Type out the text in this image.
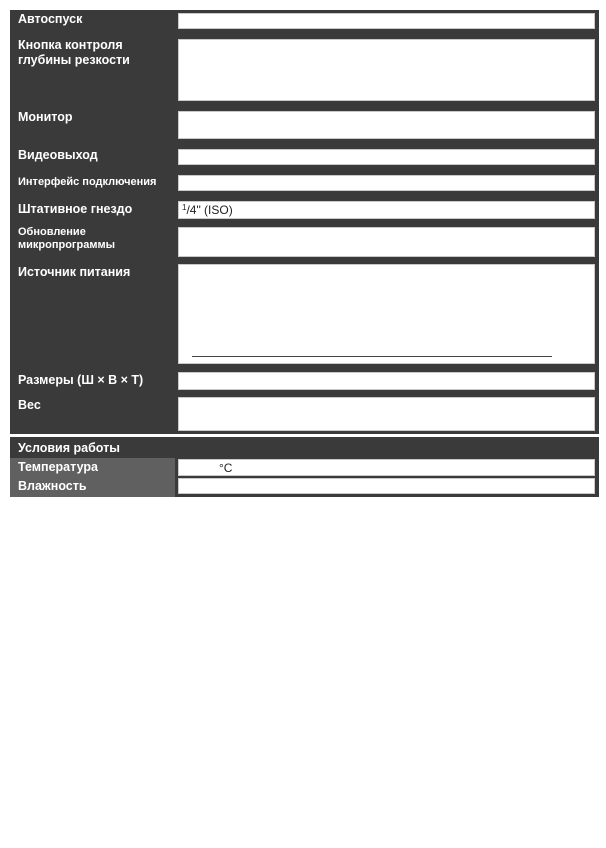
Автоспуск
Кнопка контроля глубины резкости
Монитор
Видеовыход
Интерфейс подключения
Штативное гнездо	$^1$/4" (ISO)
Обновление микропрограммы
Источник питания
Размеры (Ш × В × Т)
Вес
Условия работы
Температура	°C
Влажность
